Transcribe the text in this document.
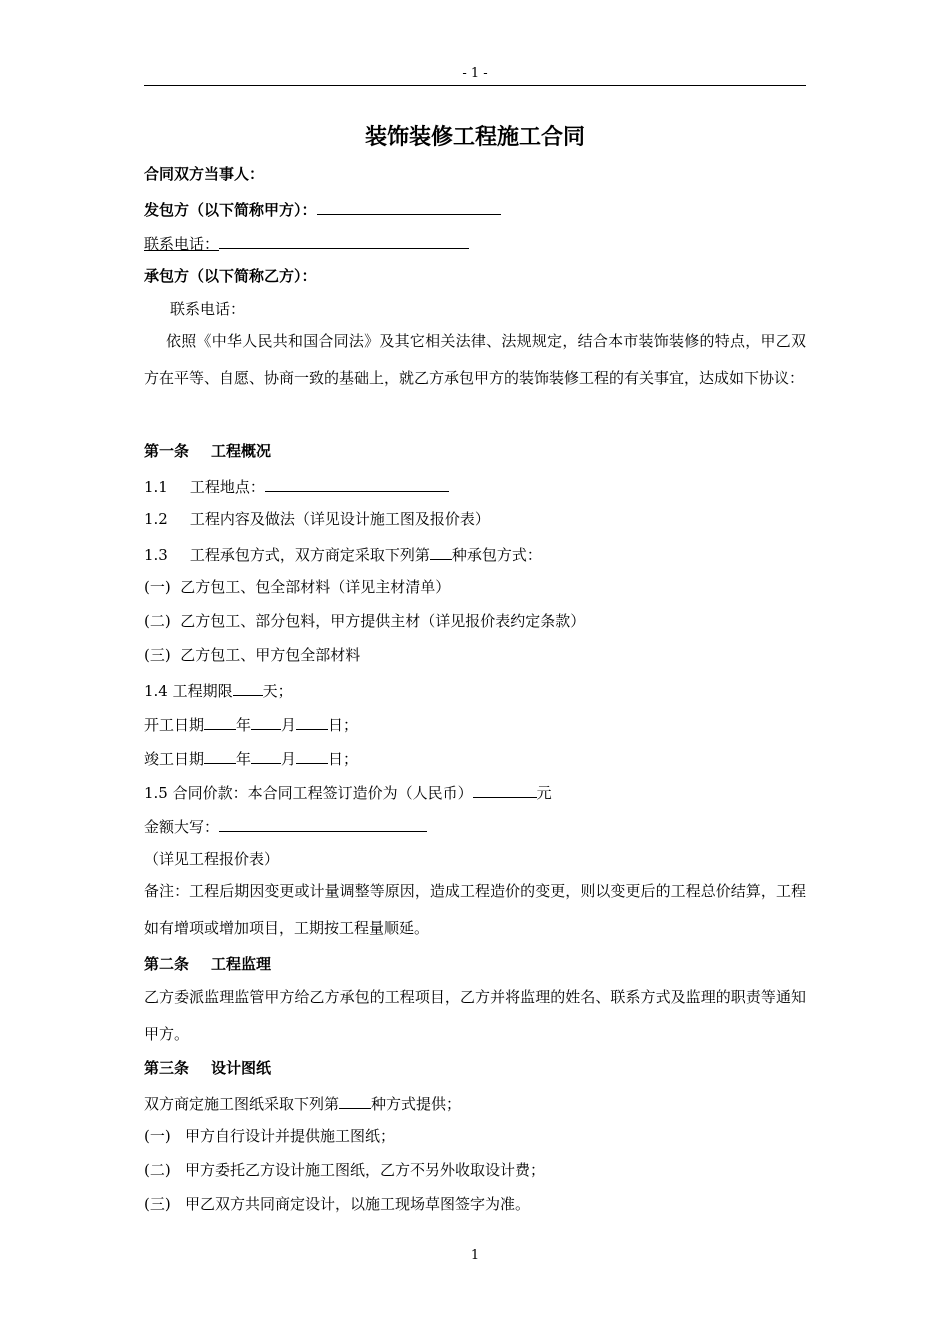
- 1 -
装饰装修工程施工合同
合同双方当事人：
发包方（以下简称甲方）：
联系电话：
承包方（以下简称乙方）：
联系电话：
依照《中华人民共和国合同法》及其它相关法律、法规规定，结合本市装饰装修的特点，甲乙双方在平等、自愿、协商一致的基础上，就乙方承包甲方的装饰装修工程的有关事宜，达成如下协议：
第一条 工程概况
1.1 工程地点：
1.2 工程内容及做法（详见设计施工图及报价表）
1.3 工程承包方式，双方商定采取下列第 种承包方式：
(一) 乙方包工、包全部材料（详见主材清单）
(二) 乙方包工、部分包料，甲方提供主材（详见报价表约定条款）
(三) 乙方包工、甲方包全部材料
1.4 工程期限 天；
开工日期 年 月 日；
竣工日期 年 月 日；
1.5 合同价款：本合同工程签订造价为（人民币）	元
金额大写：
（详见工程报价表）
备注：工程后期因变更或计量调整等原因，造成工程造价的变更，则以变更后的工程总价结算，工程如有增项或增加项目，工期按工程量顺延。
第二条 工程监理
乙方委派监理监管甲方给乙方承包的工程项目，乙方并将监理的姓名、联系方式及监理的职责等通知甲方。
第三条 设计图纸
双方商定施工图纸采取下列第 种方式提供；
(一) 甲方自行设计并提供施工图纸；
(二) 甲方委托乙方设计施工图纸，乙方不另外收取设计费；
(三) 甲乙双方共同商定设计，以施工现场草图签字为准。
1
